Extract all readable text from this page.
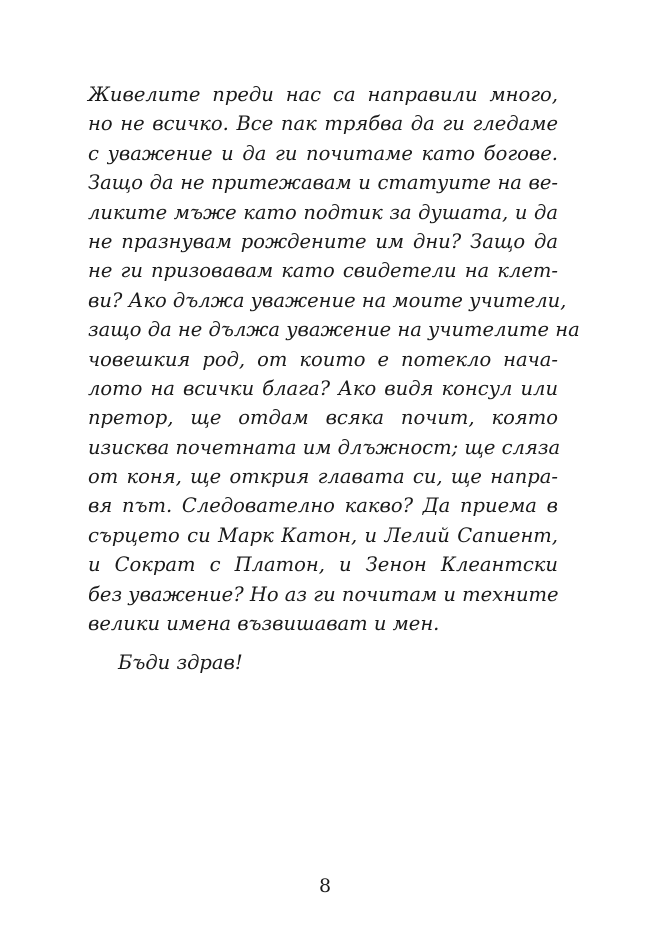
Живелите преди нас са направили много,
но не всичко. Все пак трябва да ги гледаме
с уважение и да ги почитаме като богове.
Защо да не притежавам и статуите на ве-
ликите мъже като подтик за душата, и да
не празнувам рождените им дни? Защо да
не ги призовавам като свидетели на клет-
ви? Ако дължа уважение на моите учители,
защо да не дължа уважение на учителите на
човешкия род, от които е потекло начa-
лото на всички блага? Ако видя консул или
претор, ще отдам всяка почит, която
изисква почетната им длъжност; ще сляза
от коня, ще открия главата си, ще напра-
вя път. Следователно какво? Да приема в
сърцето си Марк Катон, и Лелий Сапиент,
и Сократ с Платон, и Зенон Клеантски
без уважение? Но аз ги почитам и техните
велики имена възвишават и мен.
Бъди здрав!
8
